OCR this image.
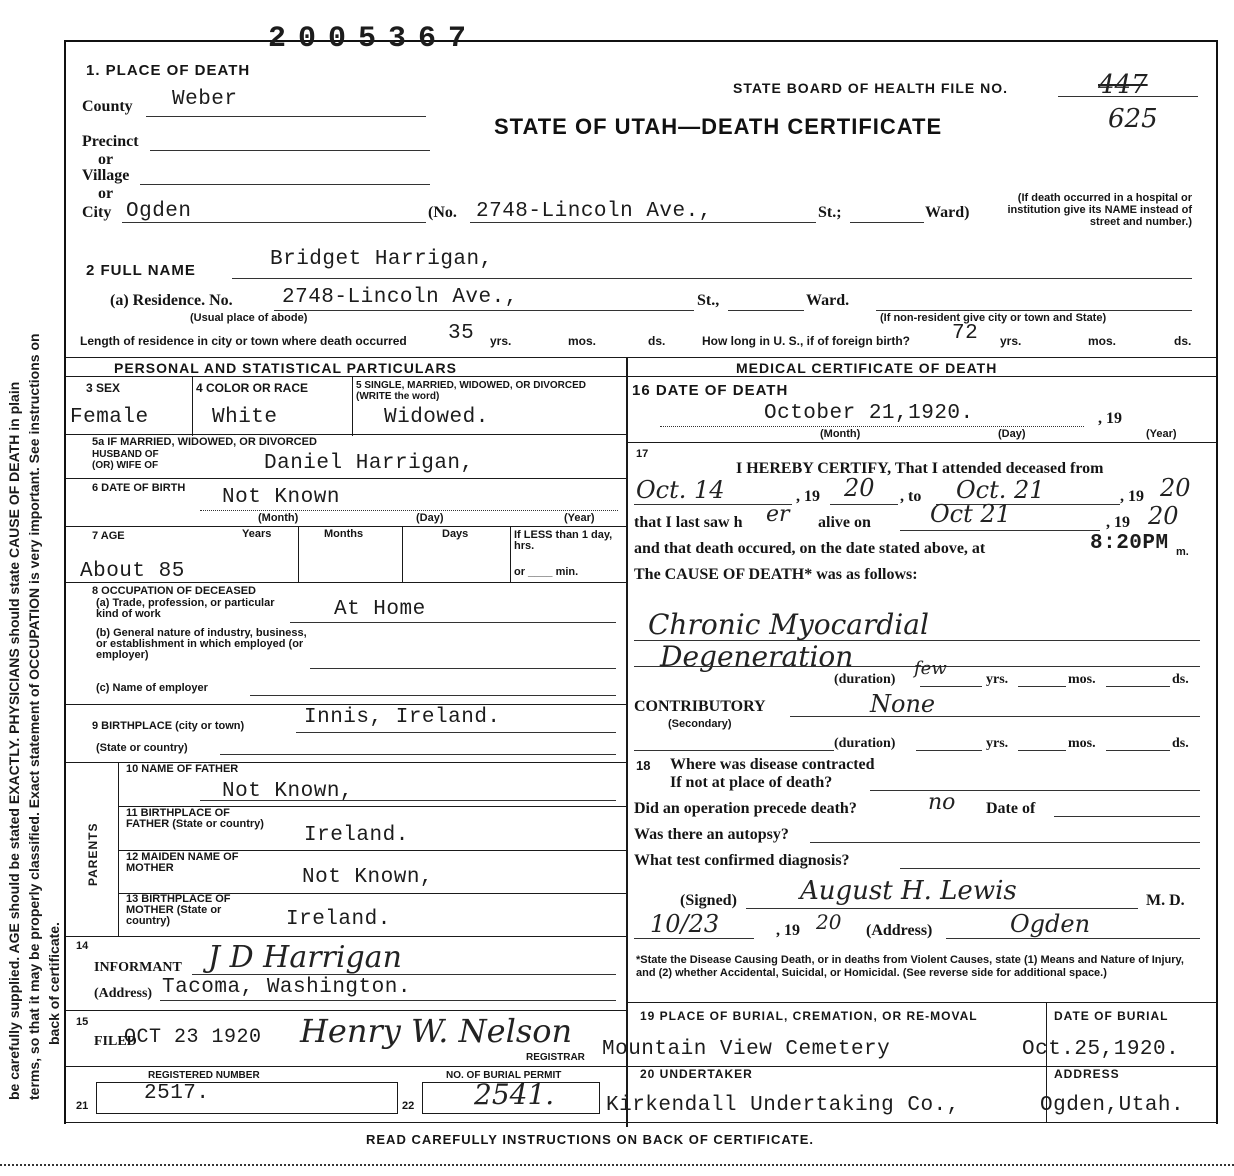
be carefully supplied. AGE should be stated EXACTLY. PHYSICIANS should state CAUSE OF DEATH in plain terms, so that it may be properly classified. Exact statement of OCCUPATION is very important. See instructions on back of certificate.
2005367
1. PLACE OF DEATH
STATE BOARD OF HEALTH FILE NO.	447
625
STATE OF UTAH—DEATH CERTIFICATE
County Weber
Precinct
or
Village
or
City Ogden	(No. 2748-Lincoln Ave.,	St.;	Ward)
(If death occurred in a hospital or institution give its NAME instead of street and number.)
2 FULL NAME	Bridget Harrigan,
(a) Residence. No. 2748-Lincoln Ave.,	St.,	Ward.
(Usual place of abode)	(If non-resident give city or town and State)
Length of residence in city or town where death occurred 35 yrs.	mos.	ds.	How long in U. S., if of foreign birth? 72 yrs.	mos.	ds.
PERSONAL AND STATISTICAL PARTICULARS	MEDICAL CERTIFICATE OF DEATH
3 SEX	4 COLOR OR RACE	5 SINGLE, MARRIED, WIDOWED, OR DIVORCED (WRITE the word)
Female	White	Widowed.
5a IF MARRIED, WIDOWED, OR DIVORCED
HUSBAND OF
(OR) WIFE OF	Daniel Harrigan,
6 DATE OF BIRTH Not Known
(Month)	(Day)	(Year)
7 AGE	Years	Months	Days	If LESS than 1 day, hrs.
or ____ min.
About 85
8 OCCUPATION OF DECEASED
(a) Trade, profession, or particular kind of work	At Home
(b) General nature of industry, business, or establishment in which employed (or employer)
(c) Name of employer
9 BIRTHPLACE (city or town)	Innis, Ireland.
(State or country)
PARENTS
10 NAME OF FATHER
Not Known,
11 BIRTHPLACE OF FATHER (State or country) Ireland.
12 MAIDEN NAME OF MOTHER	Not Known,
13 BIRTHPLACE OF MOTHER (State or country)	Ireland.
14
INFORMANT J D Harrigan
(Address) Tacoma, Washington.
15
FILED
OCT 23 1920 Henry W. Nelson
REGISTRAR
REGISTERED NUMBER
21
2517.
NO. OF BURIAL PERMIT
22 2541.
16 DATE OF DEATH
October 21,1920.	, 19
(Month)	(Day)	(Year)
17
I HEREBY CERTIFY, That I attended deceased from
Oct. 14	, 19 20 , to Oct. 21	, 19 20
that I last saw h er alive on Oct 21	, 19 20
and that death occured, on the date stated above, at	8:20PM m.
The CAUSE OF DEATH* was as follows:
Chronic Myocardial
Degeneration
(duration)
few
yrs.	mos.	ds.
CONTRIBUTORY
(Secondary)
None
(duration)	yrs.	mos.	ds.
18 Where was disease contracted
If not at place of death?
Did an operation precede death?	no Date of
Was there an autopsy?
What test confirmed diagnosis?
(Signed) August H. Lewis	M. D.
10/23	, 19 20 (Address)	Ogden
*State the Disease Causing Death, or in deaths from Violent Causes, state (1) Means and Nature of Injury, and (2) whether Accidental, Suicidal, or Homicidal. (See reverse side for additional space.)
19 PLACE OF BURIAL, CREMATION, OR RE-MOVAL	DATE OF BURIAL
Mountain View Cemetery	Oct.25,1920.
20 UNDERTAKER	ADDRESS
Kirkendall Undertaking Co.,	Ogden,Utah.
READ CAREFULLY INSTRUCTIONS ON BACK OF CERTIFICATE.
